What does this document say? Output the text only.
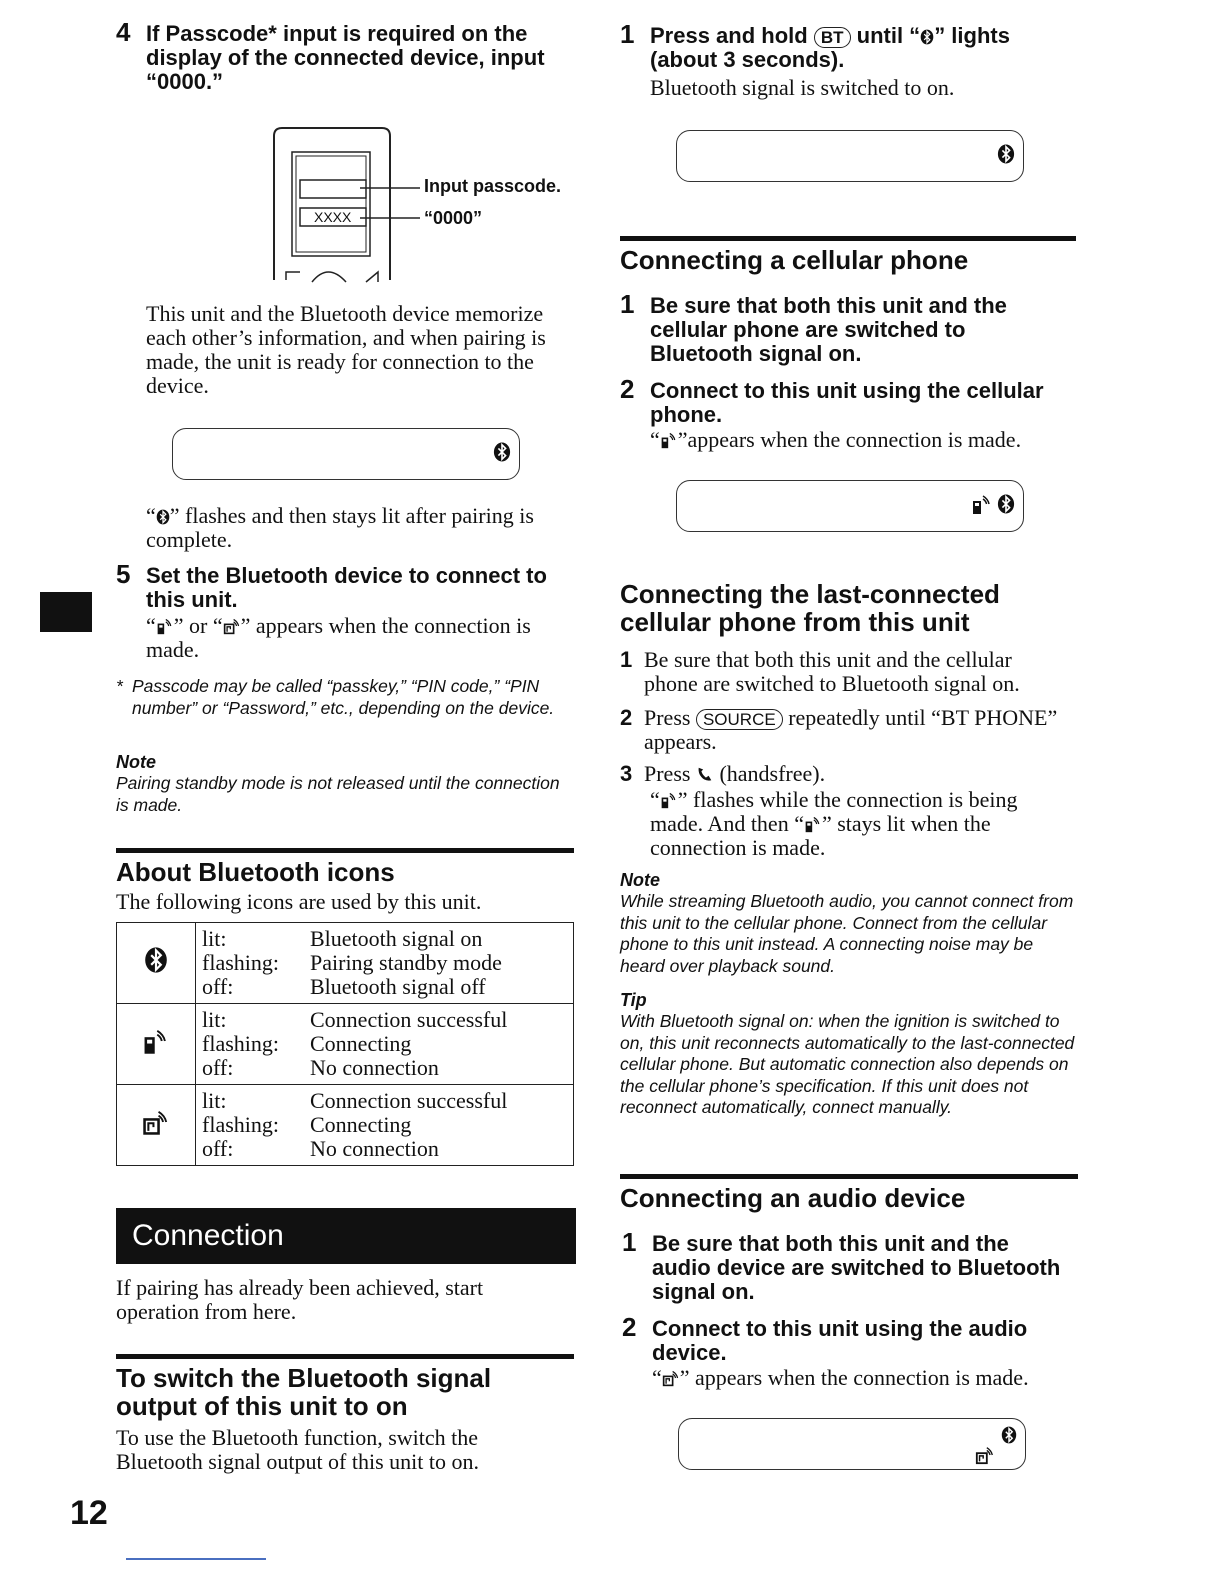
4 If Passcode* input is required on the display of the connected device, input “0000.”
XXXX
Input passcode.
“0000”
This unit and the Bluetooth device memorize each other’s information, and when pairing is made, the unit is ready for connection to the device.
“ ” flashes and then stays lit after pairing is complete.
5 Set the Bluetooth device to connect to this unit.
“ ” or “ ” appears when the connection is made.
* Passcode may be called “passkey,” “PIN code,” “PIN number” or “Password,” etc., depending on the device.
Note
Pairing standby mode is not released until the connection is made.
About Bluetooth icons
The following icons are used by this unit.

lit: Bluetooth signal on
flashing: Pairing standby mode
off: Bluetooth signal off

lit: Connection successful
flashing: Connecting
off: No connection

lit: Connection successful
flashing: Connecting
off: No connection
Connection
If pairing has already been achieved, start operation from here.
To switch the Bluetooth signal output of this unit to on
To use the Bluetooth function, switch the Bluetooth signal output of this unit to on.
12
1 Press and hold BT until “ ” lights (about 3 seconds).
Bluetooth signal is switched to on.
Connecting a cellular phone
1 Be sure that both this unit and the cellular phone are switched to Bluetooth signal on.
2 Connect to this unit using the cellular phone.
“ ”appears when the connection is made.
Connecting the last-connected cellular phone from this unit
1 Be sure that both this unit and the cellular phone are switched to Bluetooth signal on.
2 Press SOURCE repeatedly until “BT PHONE” appears.
3 Press (handsfree).
“ ” flashes while the connection is being made. And then “ ” stays lit when the connection is made.
Note
While streaming Bluetooth audio, you cannot connect from this unit to the cellular phone. Connect from the cellular phone to this unit instead. A connecting noise may be heard over playback sound.
Tip
With Bluetooth signal on: when the ignition is switched to on, this unit reconnects automatically to the last-connected cellular phone. But automatic connection also depends on the cellular phone’s specification. If this unit does not reconnect automatically, connect manually.
Connecting an audio device
1 Be sure that both this unit and the audio device are switched to Bluetooth signal on.
2 Connect to this unit using the audio device.
“ ” appears when the connection is made.
